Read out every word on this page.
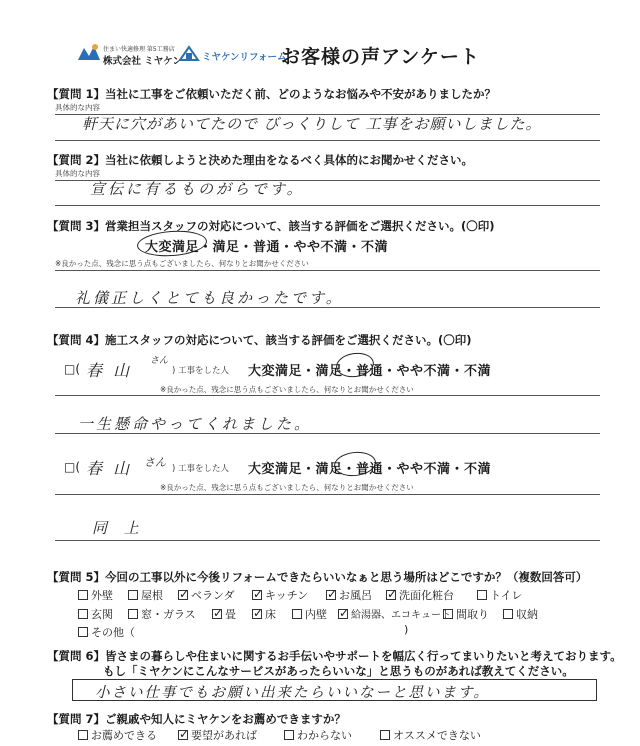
住まい快適修理 第5工務店
株式会社 ミヤケン ミヤケンリフォーム
お客様の声アンケート
【質問 1】当社に工事をご依頼いただく前、どのようなお悩みや不安がありましたか？
具体的な内容
軒天に穴があいてたので びっくりして 工事をお願いしました。
【質問 2】当社に依頼しようと決めた理由をなるべく具体的にお聞かせください。
具体的な内容
宣伝に有るものがらです。
【質問 3】営業担当スタッフの対応について、該当する評価をご選択ください。(〇印)
大変満足・満足・普通・やや不満・不満
※良かった点、残念に思う点もございましたら、何なりとお聞かせください
礼儀正しくとても良かったです。
【質問 4】施工スタッフの対応について、該当する評価をご選択ください。(〇印)
□( 春 山 さん
) 工事をした人 大変満足・満足・普通・やや不満・不満
※良かった点、残念に思う点もございましたら、何なりとお聞かせください
一生懸命やってくれました。
□( 春 山 さん ) 工事をした人 大変満足・満足・普通・やや不満・不満
※良かった点、残念に思う点もございましたら、何なりとお聞かせください
同 上
【質問 5】今回の工事以外に今後リフォームできたらいいなぁと思う場所はどこですか？（複数回答可）
外壁	屋根 ✓	ベランダ ✓	キッチン ✓	お風呂 ✓ 洗面化粧台	トイレ
玄関	窓・ガラス ✓	畳 ✓	床	内壁 ✓ 給湯器、エコキュート 間取り 収納
その他（	)
【質問 6】皆さまの暮らしや住まいに関するお手伝いやサポートを幅広く行ってまいりたいと考えております。
もし「ミヤケンにこんなサービスがあったらいいな」と思うものがあれば教えてください。
小さい仕事でもお願い出来たらいいなーと思います。
【質問 7】ご親戚や知人にミヤケンをお薦めできますか？
お薦めできる ✓	要望があれば	わからない	オススメできない
